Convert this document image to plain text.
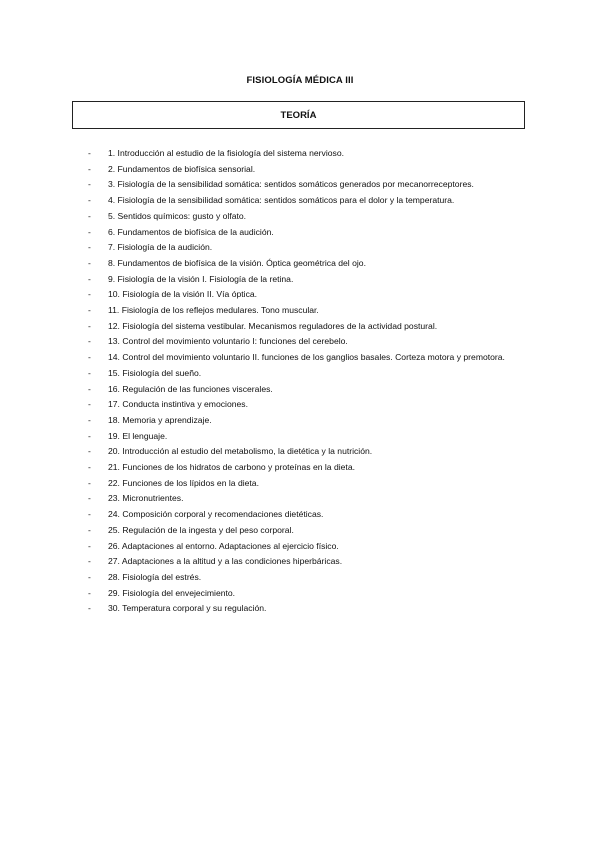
FISIOLOGÍA MÉDICA III
TEORÍA
-	1. Introducción al estudio de la fisiología del sistema nervioso.
-	2. Fundamentos de biofísica sensorial.
-	3. Fisiología de la sensibilidad somática: sentidos somáticos generados por mecanorreceptores.
-	4. Fisiología de la sensibilidad somática: sentidos somáticos para el dolor y la temperatura.
-	5. Sentidos químicos: gusto y olfato.
-	6. Fundamentos de biofísica de la audición.
-	7. Fisiología de la audición.
-	8. Fundamentos de biofísica de la visión. Óptica geométrica del ojo.
-	9. Fisiología de la visión I. Fisiología de la retina.
-	10. Fisiología de la visión II. Vía óptica.
-	11. Fisiología de los reflejos medulares. Tono muscular.
-	12. Fisiología del sistema vestibular. Mecanismos reguladores de la actividad postural.
-	13. Control del movimiento voluntario I: funciones del cerebelo.
-	14. Control del movimiento voluntario II. funciones de los ganglios basales. Corteza motora y premotora.
-	15. Fisiología del sueño.
-	16. Regulación de las funciones viscerales.
-	17. Conducta instintiva y emociones.
-	18. Memoria y aprendizaje.
-	19. El lenguaje.
-	20. Introducción al estudio del metabolismo, la dietética y la nutrición.
-	21. Funciones de los hidratos de carbono y proteínas en la dieta.
-	22. Funciones de los lípidos en la dieta.
-	23. Micronutrientes.
-	24. Composición corporal y recomendaciones dietéticas.
-	25. Regulación de la ingesta y del peso corporal.
-	26. Adaptaciones al entorno. Adaptaciones al ejercicio físico.
-	27. Adaptaciones a la altitud y a las condiciones hiperbáricas.
-	28. Fisiología del estrés.
-	29. Fisiología del envejecimiento.
-	30. Temperatura corporal y su regulación.
